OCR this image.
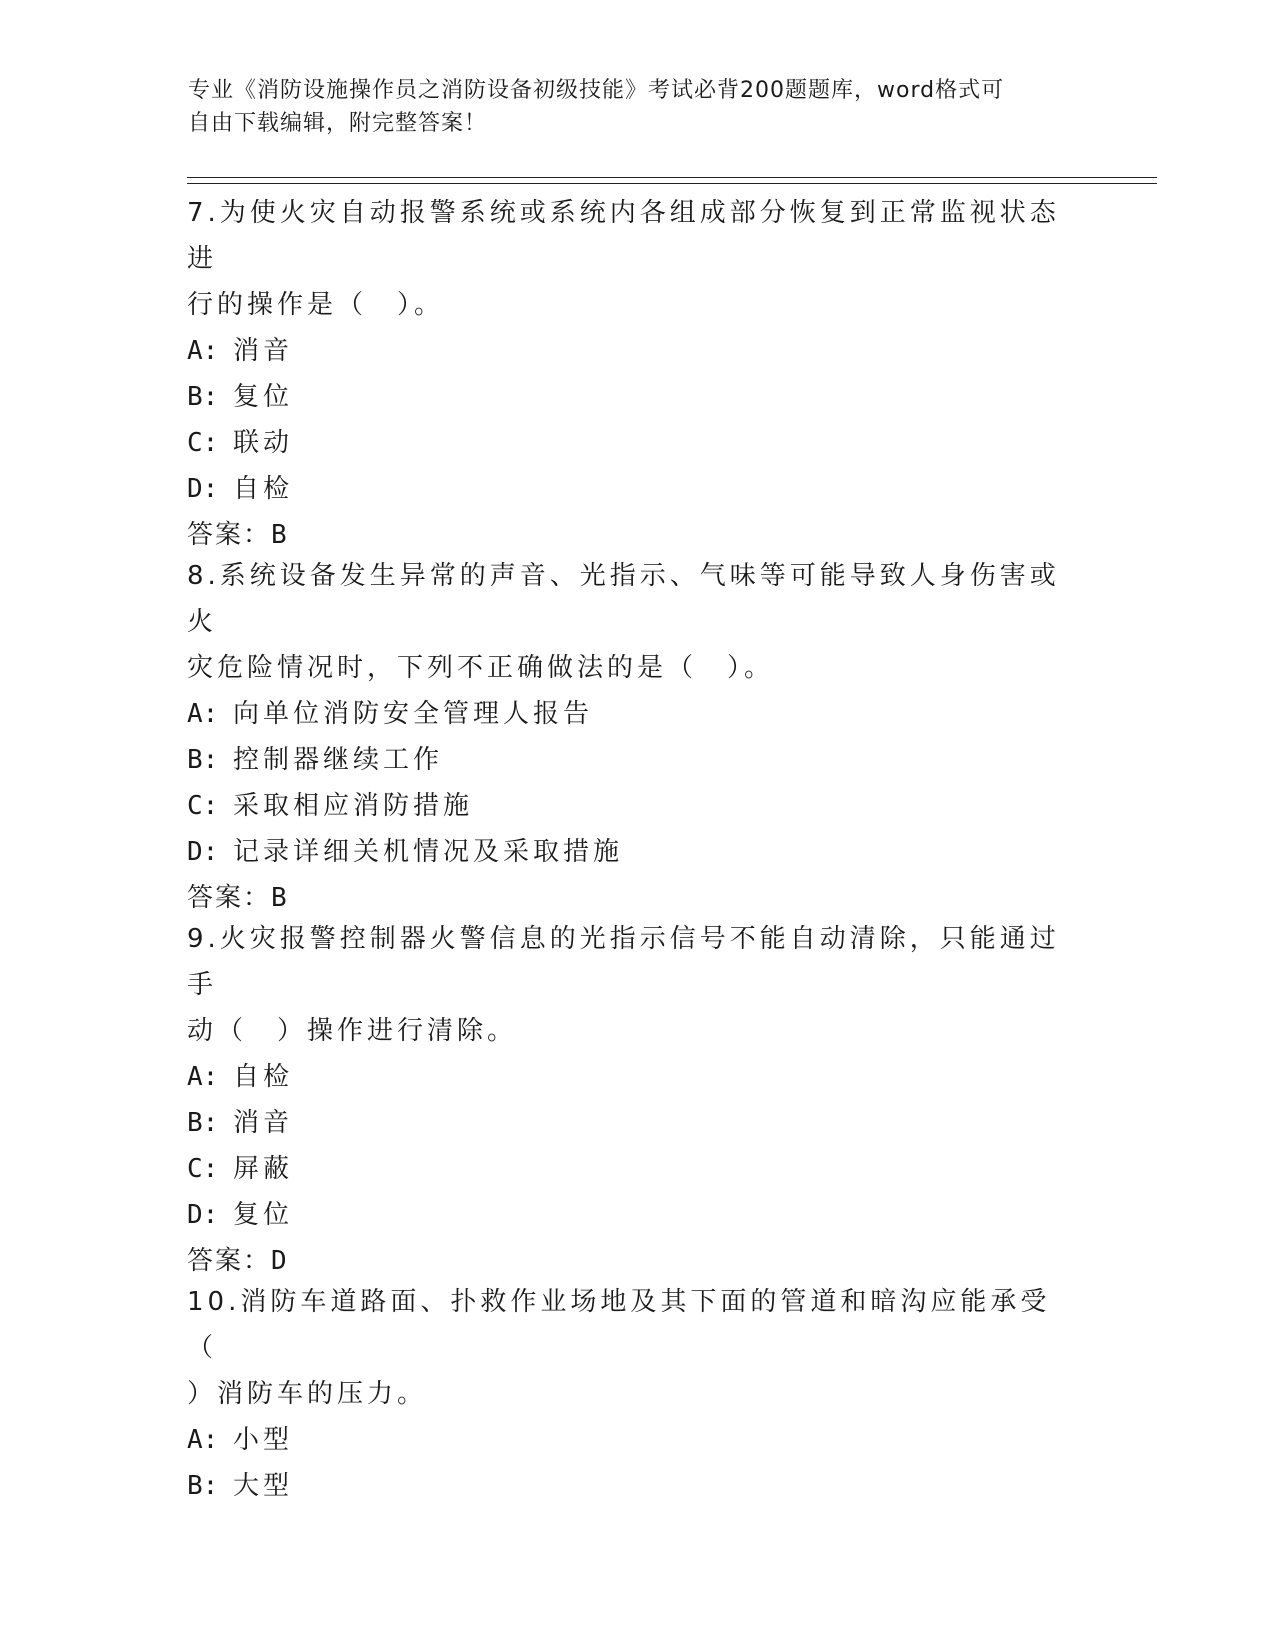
专业《消防设施操作员之消防设备初级技能》考试必背200题题库，word格式可
自由下载编辑，附完整答案！

7.为使火灾自动报警系统或系统内各组成部分恢复到正常监视状态进
行的操作是（　）。

A: 消音

B: 复位

C: 联动

D: 自检

答案：B

8.系统设备发生异常的声音、光指示、气味等可能导致人身伤害或火
灾危险情况时，下列不正确做法的是（　）。

A: 向单位消防安全管理人报告

B: 控制器继续工作

C: 采取相应消防措施

D: 记录详细关机情况及采取措施

答案：B

9.火灾报警控制器火警信息的光指示信号不能自动清除，只能通过手
动（　）操作进行清除。

A: 自检

B: 消音

C: 屏蔽

D: 复位

答案：D

10.消防车道路面、扑救作业场地及其下面的管道和暗沟应能承受（
）消防车的压力。

A: 小型

B: 大型
